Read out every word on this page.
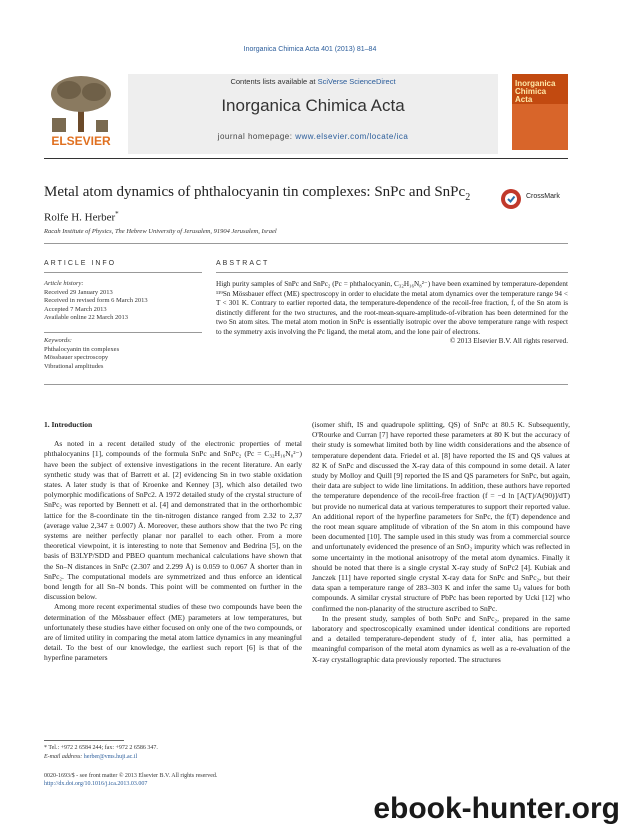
Inorganica Chimica Acta 401 (2013) 81–84
Contents lists available at SciVerse ScienceDirect
Inorganica Chimica Acta
journal homepage: www.elsevier.com/locate/ica
ELSEVIER
Inorganica Chimica Acta
Metal atom dynamics of phthalocyanin tin complexes: SnPc and SnPc$_2$	CrossMark
Rolfe H. Herber*
Racah Institute of Physics, The Hebrew University of Jerusalem, 91904 Jerusalem, Israel
ARTICLE INFO
Article history:
Received 29 January 2013
Received in revised form 6 March 2013
Accepted 7 March 2013
Available online 22 March 2013
Keywords:
Phthalocyanin tin complexes
Mössbauer spectroscopy
Vibrational amplitudes
ABSTRACT
High purity samples of SnPc and SnPc₂ (Pc = phthalocyanin, C₃₂H₁₆N₈²⁻) have been examined by temperature-dependent ¹¹⁹Sn Mössbauer effect (ME) spectroscopy in order to elucidate the metal atom dynamics over the temperature range 94 < T < 301 K. Contrary to earlier reported data, the temperature-dependence of the recoil-free fraction, f, of the Sn atom is distinctly different for the two structures, and the root-mean-square-amplitude-of-vibration has been determined for the two Sn atom sites. The metal atom motion in SnPc is essentially isotropic over the above temperature range with respect to the symmetry axis involving the Pc ligand, the metal atom, and the lone pair of electrons.
© 2013 Elsevier B.V. All rights reserved.
1. Introduction

As noted in a recent detailed study of the electronic properties of metal phthalocyanins [1], compounds of the formula SnPc and SnPc₂ (Pc = C₃₂H₁₆N₈²⁻) have been the subject of extensive investigations in the recent literature. An early synthetic study was that of Barrett et al. [2] evidencing Sn in two stable oxidation states. A later study is that of Kroenke and Kenney [3], which also detailed two polymorphic modifications of SnPc2. A 1972 detailed study of the crystal structure of SnPc₂ was reported by Bennett et al. [4] and demonstrated that in the orthorhombic lattice for the 8-coordinate tin the tin-nitrogen distance ranged from 2.32 to 2,37 (average value 2,347 ± 0.007) Å. Moreover, these authors show that the two Pc ring systems are neither perfectly planar nor parallel to each other. From a more theoretical viewpoint, it is interesting to note that Semenov and Bedrina [5], on the basis of B3LYP/SDD and PBEO quantum mechanical calculations have shown that the Sn–N distances in SnPc (2.307 and 2.299 Å) is 0.059 to 0.067 Å shorter than in SnPc₂. The computational models are symmetrized and thus enforce an identical bond length for all Sn–N bonds. This point will be commented on further in the discussion below.

Among more recent experimental studies of these two compounds have been the determination of the Mössbauer effect (ME) parameters at low temperatures, but unfortunately these studies have either focused on only one of the two compounds, or are of limited utility in comparing the metal atom lattice dynamics in any meaningful detail. To the best of our knowledge, the earliest such report [6] is that of the hyperfine parameters

(isomer shift, IS and quadrupole splitting, QS) of SnPc at 80.5 K. Subsequently, O'Rourke and Curran [7] have reported these parameters at 80 K but the accuracy of their study is somewhat limited both by line width considerations and the absence of temperature dependent data. Friedel et al. [8] have reported the IS and QS values at 82 K of SnPc and discussed the X-ray data of this compound in some detail. A later study by Molloy and Quill [9] reported the IS and QS parameters for SnPc, but again, their data are subject to wide line limitations. In addition, these authors have reported the temperature dependence of the recoil-free fraction (f = −d ln [A(T)/A(90)]/dT) but provide no numerical data at various temperatures to support their reported value. An additional report of the hyperfine parameters for SnPc, the f(T) dependence and the root mean square amplitude of vibration of the Sn atom in this compound have been documented [10]. The sample used in this study was from a commercial source and unfortunately evidenced the presence of an SnO₂ impurity which was reflected in some uncertainty in the motional anisotropy of the metal atom dynamics. Finally it should be noted that there is a single crystal X-ray study of SnPc2 [4]. Kubiak and Janczek [11] have reported single crystal X-ray data for SnPc and SnPc₂, but their data span a temperature range of 283–303 K and infer the same Uᵢⱼ values for both compounds. A similar crystal structure of PbPc has been reported by Ucki [12] who confirmed the non-planarity of the structure ascribed to SnPc.

In the present study, samples of both SnPc and SnPc₂, prepared in the same laboratory and spectroscopically examined under identical conditions are reported and a detailed temperature-dependent study of f, inter alia, has permitted a meaningful comparison of the metal atom dynamics as well as a re-evaluation of the X-ray crystallographic data previously reported. The structures

* Tel.: +972 2 6584 244; fax: +972 2 6586 347.
E-mail address: herber@vms.huji.ac.il
0020-1693/$ - see front matter © 2013 Elsevier B.V. All rights reserved.
http://dx.doi.org/10.1016/j.ica.2013.03.007
ebook-hunter.org
